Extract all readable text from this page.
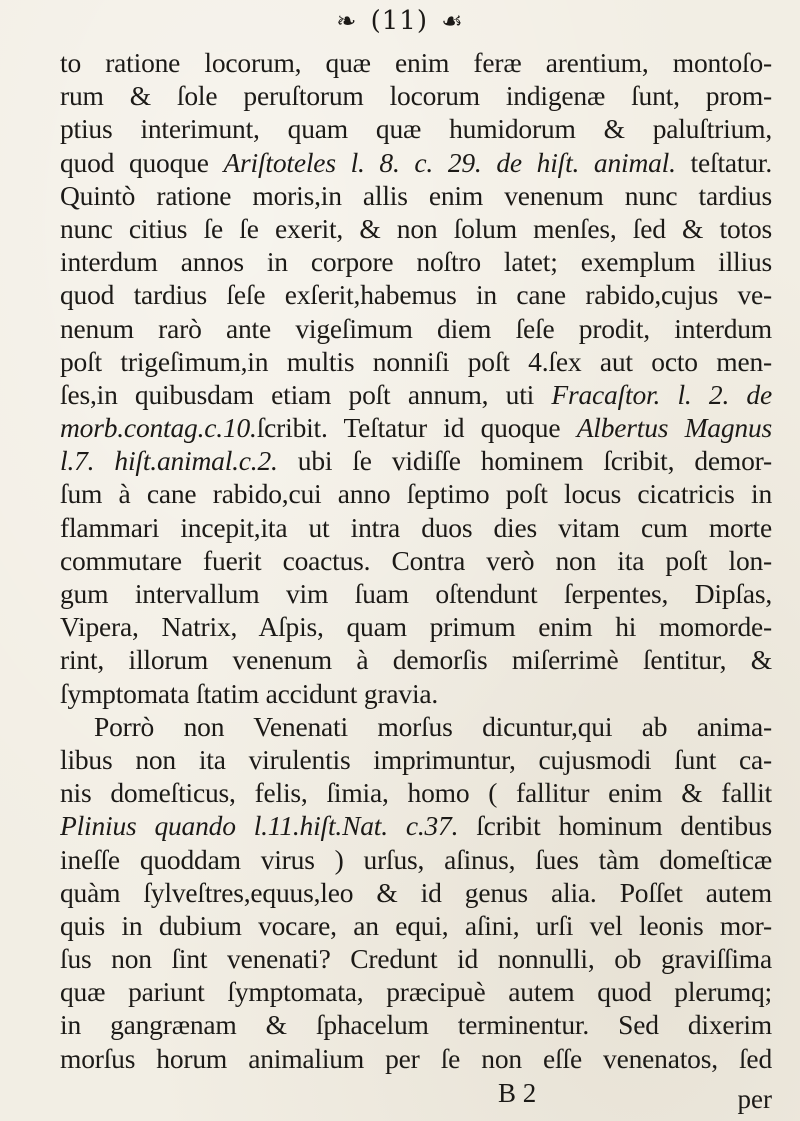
❧ (11) ☙
to ratione locorum, quæ enim feræ arentium, montoſo-
rum & ſole peruſtorum locorum indigenæ ſunt, prom-
ptius interimunt, quam quæ humidorum & paluſtrium,
quod quoque Ariſtoteles l. 8. c. 29. de hiſt. animal. teſtatur.
Quintò ratione moris,in allis enim venenum nunc tardius
nunc citius ſe ſe exerit, & non ſolum menſes, ſed & totos
interdum annos in corpore noſtro latet; exemplum illius
quod tardius ſeſe exſerit,habemus in cane rabido,cujus ve-
nenum rarò ante vigeſimum diem ſeſe prodit, interdum
poſt trigeſimum,in multis nonniſi poſt 4.ſex aut octo men-
ſes,in quibusdam etiam poſt annum, uti Fracaſtor. l. 2. de
morb.contag.c.10.ſcribit. Teſtatur id quoque Albertus Magnus
l.7. hiſt.animal.c.2. ubi ſe vidiſſe hominem ſcribit, demor-
ſum à cane rabido,cui anno ſeptimo poſt locus cicatricis in
flammari incepit,ita ut intra duos dies vitam cum morte
commutare fuerit coactus. Contra verò non ita poſt lon-
gum intervallum vim ſuam oſtendunt ſerpentes, Dipſas,
Vipera, Natrix, Aſpis, quam primum enim hi momorde-
rint, illorum venenum à demorſis miſerrimè ſentitur, &
ſymptomata ſtatim accidunt gravia.
Porrò non Venenati morſus dicuntur,qui ab anima-
libus non ita virulentis imprimuntur, cujusmodi ſunt ca-
nis domeſticus, felis, ſimia, homo ( fallitur enim & fallit
Plinius quando l.11.hiſt.Nat. c.37. ſcribit hominum dentibus
ineſſe quoddam virus ) urſus, aſinus, ſues tàm domeſticæ
quàm ſylveſtres,equus,leo & id genus alia. Poſſet autem
quis in dubium vocare, an equi, aſini, urſi vel leonis mor-
ſus non ſint venenati? Credunt id nonnulli, ob graviſſima
quæ pariunt ſymptomata, præcipuè autem quod plerumq;
in gangrænam & ſphacelum terminentur. Sed dixerim
morſus horum animalium per ſe non eſſe venenatos, ſed
B 2	per
